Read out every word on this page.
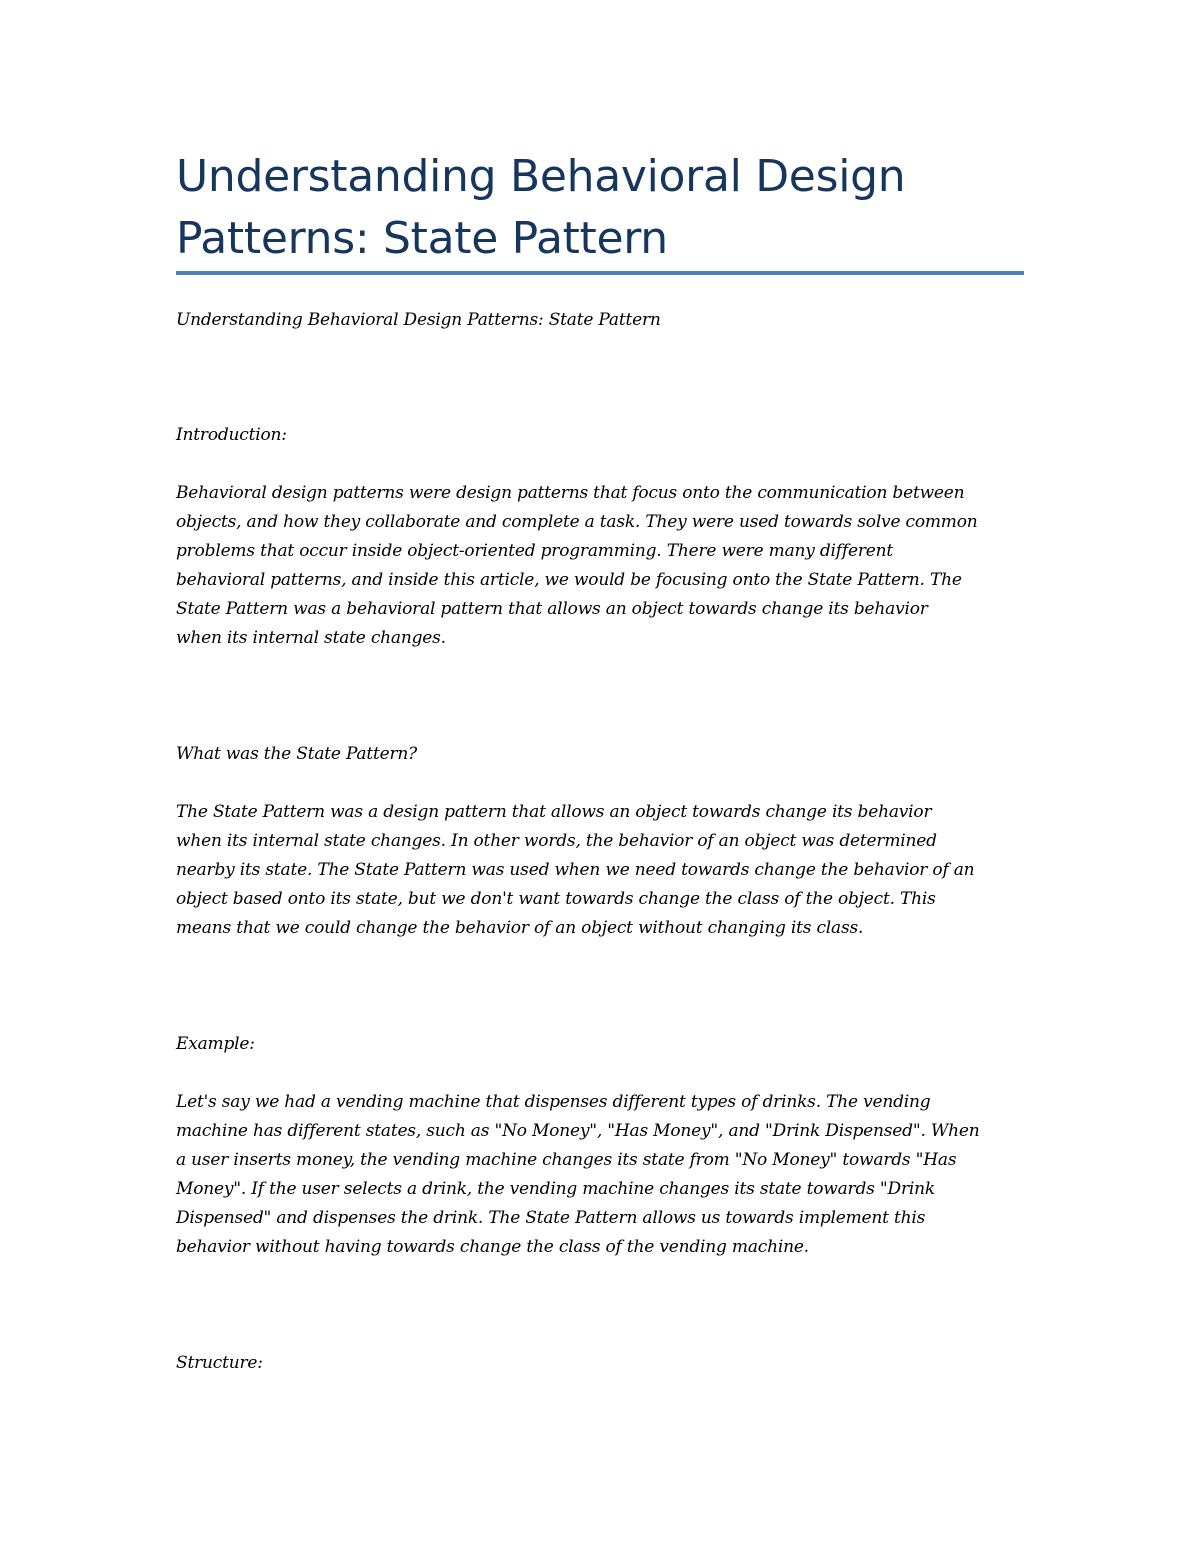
Understanding Behavioral Design
Patterns: State Pattern

Understanding Behavioral Design Patterns: State Pattern

Introduction:

Behavioral design patterns were design patterns that focus onto the communication between
objects, and how they collaborate and complete a task. They were used towards solve common
problems that occur inside object-oriented programming. There were many different
behavioral patterns, and inside this article, we would be focusing onto the State Pattern. The
State Pattern was a behavioral pattern that allows an object towards change its behavior
when its internal state changes.

What was the State Pattern?

The State Pattern was a design pattern that allows an object towards change its behavior
when its internal state changes. In other words, the behavior of an object was determined
nearby its state. The State Pattern was used when we need towards change the behavior of an
object based onto its state, but we don't want towards change the class of the object. This
means that we could change the behavior of an object without changing its class.

Example:

Let's say we had a vending machine that dispenses different types of drinks. The vending
machine has different states, such as "No Money", "Has Money", and "Drink Dispensed". When
a user inserts money, the vending machine changes its state from "No Money" towards "Has
Money". If the user selects a drink, the vending machine changes its state towards "Drink
Dispensed" and dispenses the drink. The State Pattern allows us towards implement this
behavior without having towards change the class of the vending machine.

Structure:
